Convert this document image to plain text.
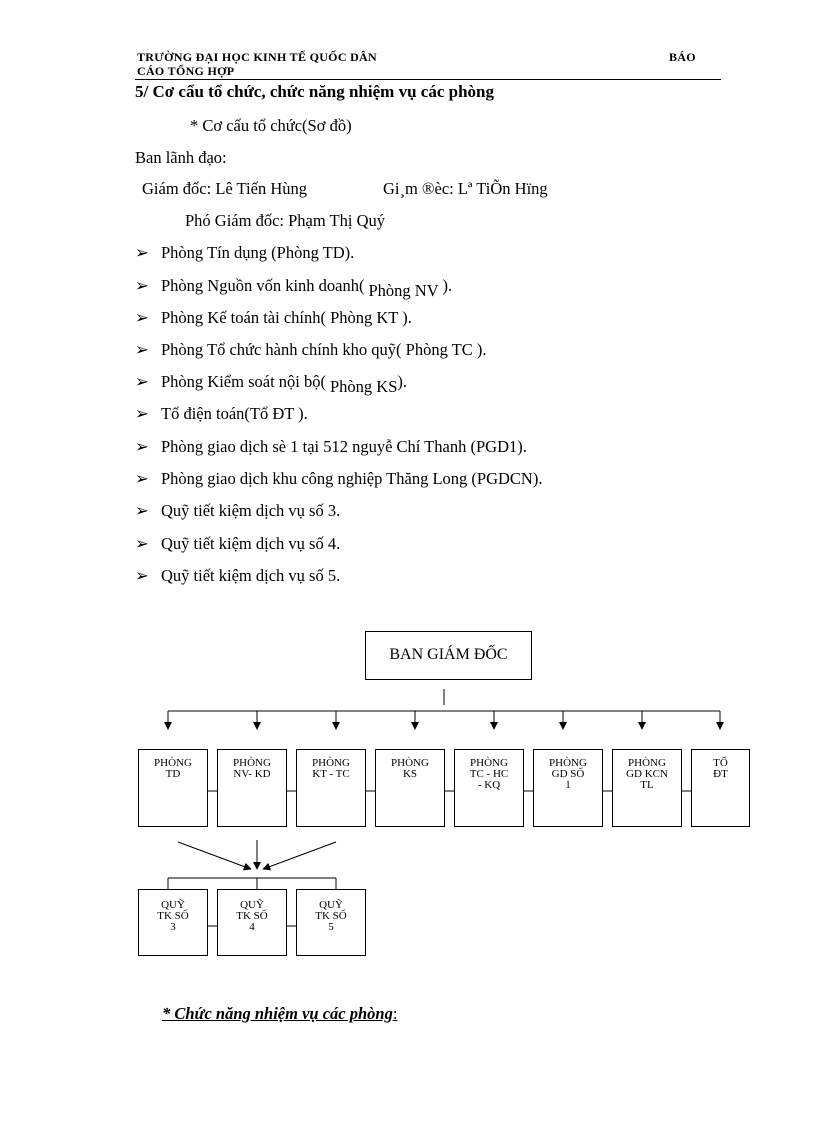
TRƯỜNG ĐẠI HỌC KINH TẾ QUỐC DÂN	BÁO
CÁO TỔNG HỢP
5/ Cơ cấu tổ chức, chức năng nhiệm vụ các phòng
* Cơ cấu tổ chức(Sơ đồ)
Ban lãnh đạo:
Giám đốc: Lê Tiến Hùng	Gi¸m ®èc: Lª TiÕn Hïng
Phó Giám đốc: Phạm Thị Quý
➢ Phòng Tín dụng (Phòng TD).
➢ Phòng Nguồn vốn kinh doanh( Phòng NV ).
➢ Phòng Kế toán tài chính( Phòng KT ).
➢ Phòng Tổ chức hành chính kho quỹ( Phòng TC ).
➢ Phòng Kiểm soát nội bộ( Phòng KS).
➢ Tổ điện toán(Tổ ĐT ).
➢ Phòng giao dịch sè 1 tại 512 nguyễ Chí Thanh (PGD1).
➢ Phòng giao dịch khu công nghiệp Thăng Long (PGDCN).
➢ Quỹ tiết kiệm dịch vụ số 3.
➢ Quỹ tiết kiệm dịch vụ số 4.
➢ Quỹ tiết kiệm dịch vụ số 5.
BAN GIÁM ĐỐC
PHÒNG
TD
PHÒNG
NV- KD
PHÒNG
KT - TC
PHÒNG
KS
PHÒNG
TC - HC
- KQ
PHÒNG
GD SỐ
1
PHÒNG
GD KCN
TL
TỔ
ĐT
QUỸ
TK SỐ
3
QUỸ
TK SỐ
4
QUỸ
TK SỐ
5
* Chức năng nhiệm vụ các phòng:
